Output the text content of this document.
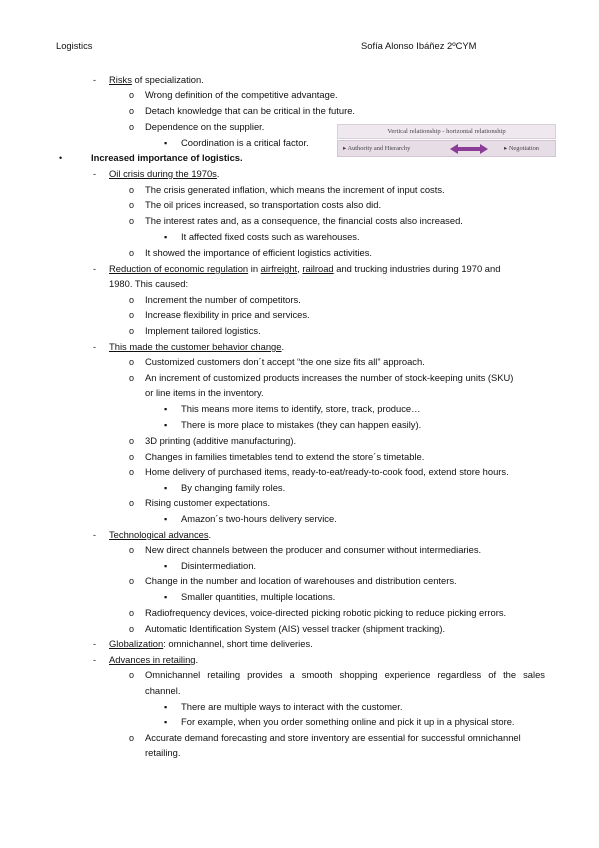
Logistics	Sofía Alonso Ibáñez 2ºCYM
Vertical relationship - horizontal relationship
▸ Authority and Hierarchy	▸ Negotiation
- Risks of specialization.
o Wrong definition of the competitive advantage.
o Detach knowledge that can be critical in the future.
o Dependence on the supplier.
▪ Coordination is a critical factor.
•	Increased importance of logistics.
- Oil crisis during the 1970s.
o The crisis generated inflation, which means the increment of input costs.
o The oil prices increased, so transportation costs also did.
o The interest rates and, as a consequence, the financial costs also increased.
▪ It affected fixed costs such as warehouses.
o It showed the importance of efficient logistics activities.
- Reduction of economic regulation in airfreight, railroad and trucking industries during 1970 and
1980. This caused:
o Increment the number of competitors.
o Increase flexibility in price and services.
o Implement tailored logistics.
- This made the customer behavior change.
o Customized customers don´t accept “the one size fits all” approach.
o An increment of customized products increases the number of stock-keeping units (SKU)
or line items in the inventory.
▪ This means more items to identify, store, track, produce…
▪ There is more place to mistakes (they can happen easily).
o 3D printing (additive manufacturing).
o Changes in families timetables tend to extend the store´s timetable.
o Home delivery of purchased items, ready-to-eat/ready-to-cook food, extend store hours.
▪ By changing family roles.
o Rising customer expectations.
▪ Amazon´s two-hours delivery service.
- Technological advances.
o New direct channels between the producer and consumer without intermediaries.
▪ Disintermediation.
o Change in the number and location of warehouses and distribution centers.
▪ Smaller quantities, multiple locations.
o Radiofrequency devices, voice-directed picking robotic picking to reduce picking errors.
o Automatic Identification System (AIS) vessel tracker (shipment tracking).
- Globalization: omnichannel, short time deliveries.
- Advances in retailing.
o Omnichannel retailing provides a smooth shopping experience regardless of the sales
channel.
▪ There are multiple ways to interact with the customer.
▪ For example, when you order something online and pick it up in a physical store.
o Accurate demand forecasting and store inventory are essential for successful omnichannel
retailing.
